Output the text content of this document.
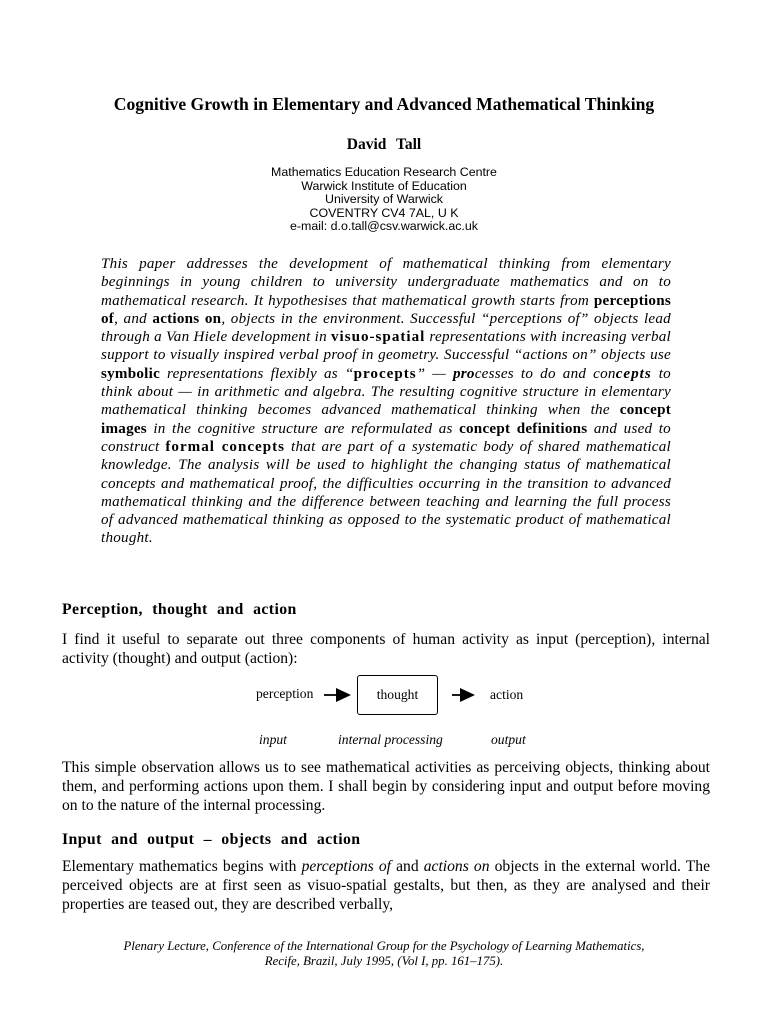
Cognitive Growth in Elementary and Advanced Mathematical Thinking
David Tall
Mathematics Education Research Centre
Warwick Institute of Education
University of Warwick
COVENTRY CV4 7AL, U K
e-mail: d.o.tall@csv.warwick.ac.uk
This paper addresses the development of mathematical thinking from elementary beginnings in young children to university undergraduate mathematics and on to mathematical research. It hypothesises that mathematical growth starts from perceptions of, and actions on, objects in the environment. Successful “perceptions of” objects lead through a Van Hiele development in visuo-spatial representations with increasing verbal support to visually inspired verbal proof in geometry. Successful “actions on” objects use symbolic representations flexibly as “procepts” — processes to do and concepts to think about — in arithmetic and algebra. The resulting cognitive structure in elementary mathematical thinking becomes advanced mathematical thinking when the concept images in the cognitive structure are reformulated as concept definitions and used to construct formal concepts that are part of a systematic body of shared mathematical knowledge. The analysis will be used to highlight the changing status of mathematical concepts and mathematical proof, the difficulties occurring in the transition to advanced mathematical thinking and the difference between teaching and learning the full process of advanced mathematical thinking as opposed to the systematic product of mathematical thought.
Perception, thought and action
I find it useful to separate out three components of human activity as input (perception), internal activity (thought) and output (action):
perception	thought	action
input	internal processing	output
This simple observation allows us to see mathematical activities as perceiving objects, thinking about them, and performing actions upon them. I shall begin by considering input and output before moving on to the nature of the internal processing.
Input and output – objects and action
Elementary mathematics begins with perceptions of and actions on objects in the external world. The perceived objects are at first seen as visuo-spatial gestalts, but then, as they are analysed and their properties are teased out, they are described verbally,
Plenary Lecture, Conference of the International Group for the Psychology of Learning Mathematics,
Recife, Brazil, July 1995, (Vol I, pp. 161–175).
